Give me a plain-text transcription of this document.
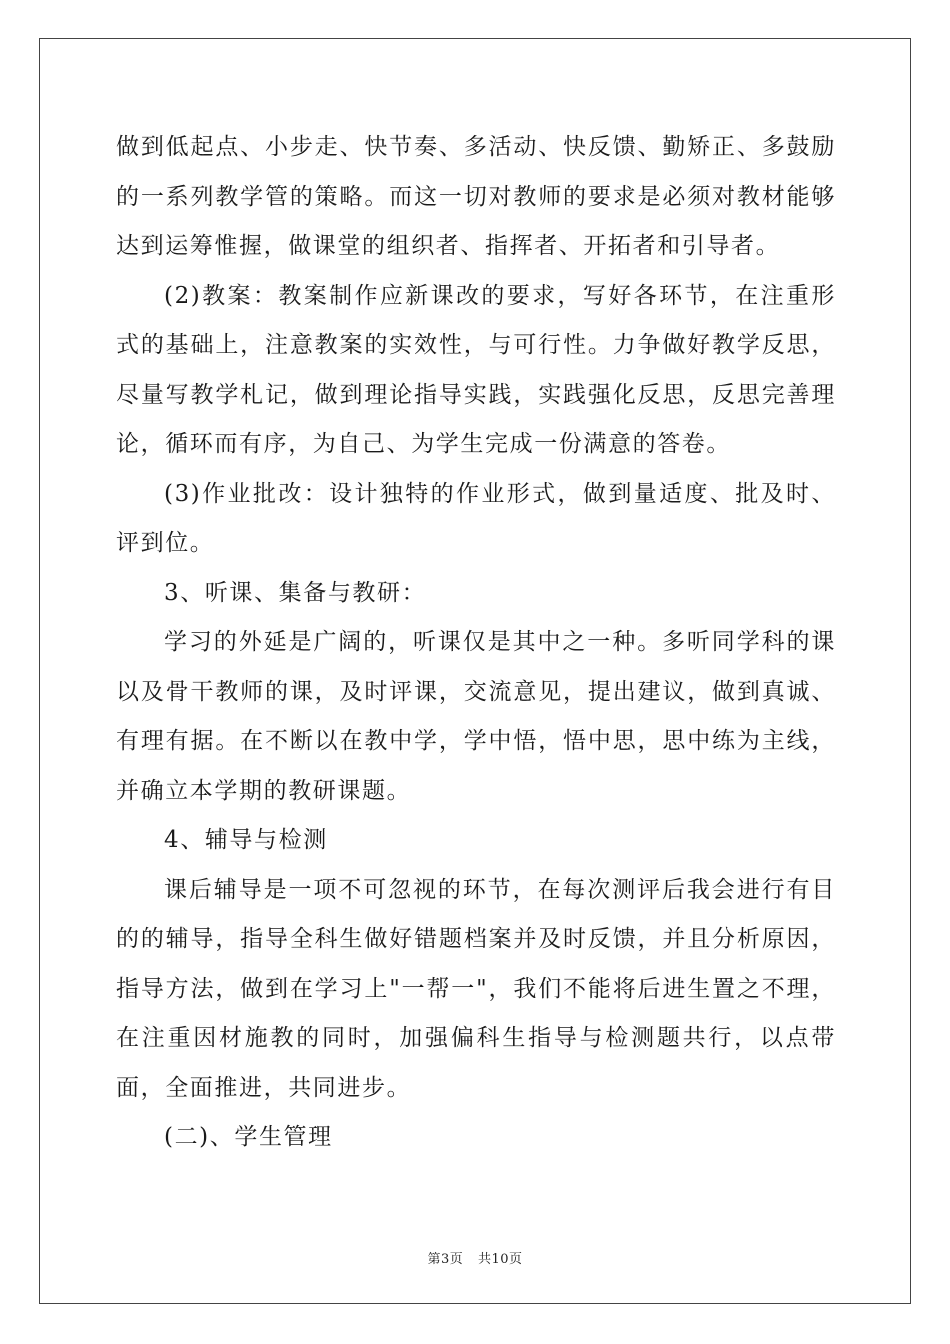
做到低起点、小步走、快节奏、多活动、快反馈、勤矫正、多鼓励的一系列教学管的策略。而这一切对教师的要求是必须对教材能够达到运筹惟握，做课堂的组织者、指挥者、开拓者和引导者。

(2)教案：教案制作应新课改的要求，写好各环节，在注重形式的基础上，注意教案的实效性，与可行性。力争做好教学反思，尽量写教学札记，做到理论指导实践，实践强化反思，反思完善理论，循环而有序，为自己、为学生完成一份满意的答卷。

(3)作业批改：设计独特的作业形式，做到量适度、批及时、评到位。

3、听课、集备与教研：

学习的外延是广阔的，听课仅是其中之一种。多听同学科的课以及骨干教师的课，及时评课，交流意见，提出建议，做到真诚、有理有据。在不断以在教中学，学中悟，悟中思，思中练为主线，并确立本学期的教研课题。

4、辅导与检测

课后辅导是一项不可忽视的环节，在每次测评后我会进行有目的的辅导，指导全科生做好错题档案并及时反馈，并且分析原因，指导方法，做到在学习上"一帮一"，我们不能将后进生置之不理，在注重因材施教的同时，加强偏科生指导与检测题共行，以点带面，全面推进，共同进步。

(二)、学生管理

第3页 共10页
